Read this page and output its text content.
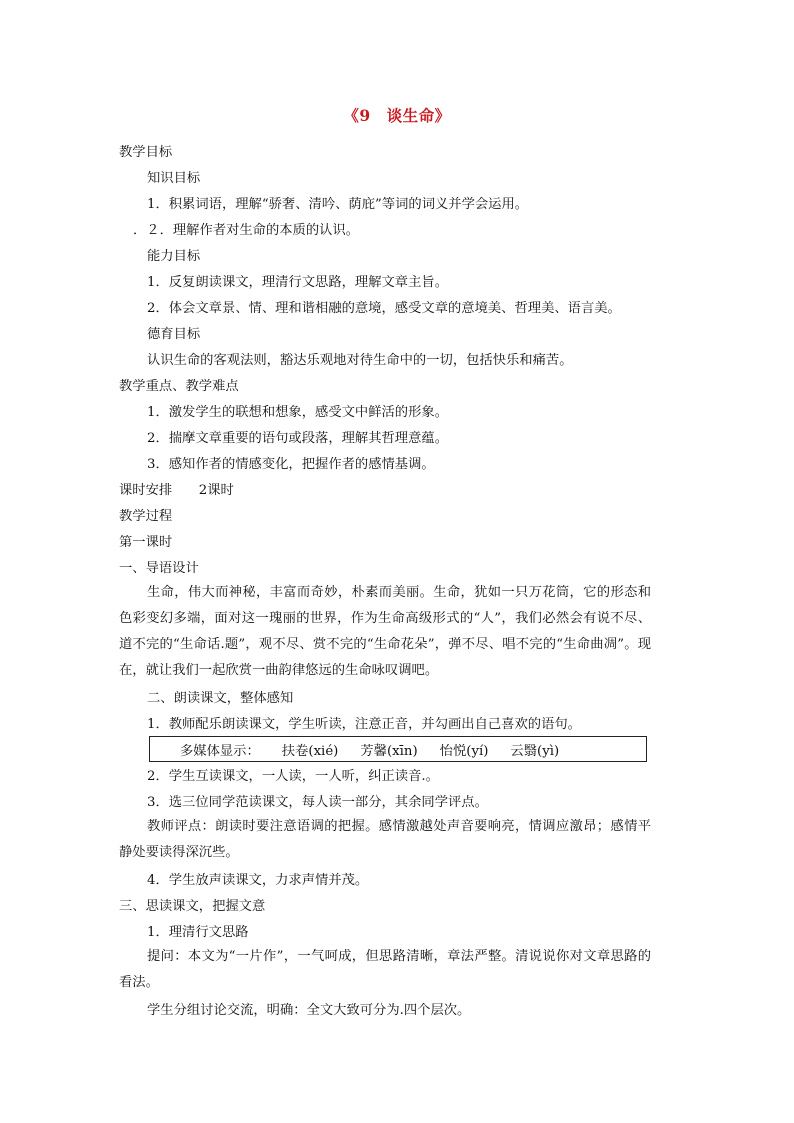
《9　谈生命》
教学目标
知识目标
1．积累词语，理解“骄奢、清吟、荫庇”等词的词义并学会运用。
．２．理解作者对生命的本质的认识。
能力目标
1．反复朗读课文，理清行文思路，理解文章主旨。
2．体会文章景、情、理和谐相融的意境，感受文章的意境美、哲理美、语言美。
德育目标
认识生命的客观法则，豁达乐观地对待生命中的一切，包括快乐和痛苦。
教学重点、教学难点
1．激发学生的联想和想象，感受文中鲜活的形象。
2．揣摩文章重要的语句或段落，理解其哲理意蕴。
3．感知作者的情感变化，把握作者的感情基调。
课时安排　　2课时
教学过程
第一课时
一、导语设计
生命，伟大而神秘，丰富而奇妙，朴素而美丽。生命，犹如一只万花筒，它的形态和色彩变幻多端，面对这一瑰丽的世界，作为生命高级形式的“人”，我们必然会有说不尽、道不完的“生命话.题”，观不尽、赏不完的“生命花朵”，弹不尽、唱不完的“生命曲凋”。现在，就让我们一起欣赏一曲韵律悠远的生命咏叹调吧。
二、朗读课文，整体感知
1．教师配乐朗读课文，学生听读，注意正音，并勾画出自己喜欢的语句。
多媒体显示： 扶卷(xié) 芳馨(xīn) 怡悦(yí) 云翳(yì)
2．学生互读课文，一人读，一人听，纠正读音.。
3．选三位同学范读课文，每人读一部分，其余同学评点。
教师评点：朗读时要注意语调的把握。感情激越处声音要响亮，情调应激昂；感情平静处要读得深沉些。
4．学生放声读课文，力求声情并茂。
三、思读课文，把握文意
1．理清行文思路
提问：本文为“一片作”，一气呵成，但思路清晰，章法严整。清说说你对文章思路的看法。
学生分组讨论交流，明确：全文大致可分为.四个层次。
